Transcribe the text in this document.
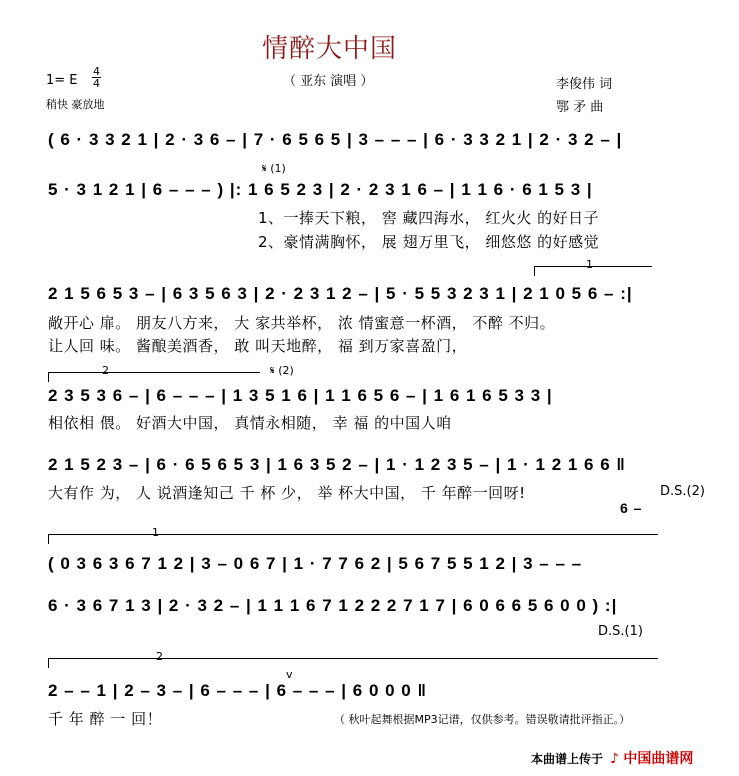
情醉大中国
（ 亚东 演唱 ）
1= E
4
4
稍快 豪放地
李俊伟 词
鄂 矛 曲
( 6 · 3 3 2 1 | 2 · 3 6 – | 7 · 6 5 6 5 | 3 – – – | 6 · 3 3 2 1 | 2 · 3 2 – |
𝄋 (1)
5 · 3 1 2 1 | 6 – – – ) |: 1 6 5 2 3 | 2 · 2 3 1 6 – | 1 1 6 · 6 1 5 3 |
1、一捧天下粮， 窖 藏四海水， 红火火 的好日子
2、豪情满胸怀， 展 翅万里飞， 细悠悠 的好感觉
1
2 1 5 6 5 3 – | 6 3 5 6 3 | 2 · 2 3 1 2 – | 5 · 5 5 3 2 3 1 | 2 1 0 5 6 – :|
敞开心 扉。 朋友八方来， 大 家共举杯， 浓 情蜜意一杯酒， 不醉 不归。
让人回 味。 酱酿美酒香， 敢 叫天地醉， 福 到万家喜盈门，
2	𝄋 (2)
2 3 5 3 6 – | 6 – – – | 1 3 5 1 6 | 1 1 6 5 6 – | 1 6 1 6 5 3 3 |
相依相 偎。 好酒大中国， 真情永相随， 幸 福 的中国人咱
2 1 5 2 3 – | 6 · 6 5 6 5 3 | 1 6 3 5 2 – | 1 · 1 2 3 5 – | 1 · 1 2 1 6 6 ‖
大有作 为， 人 说酒逢知己 千 杯 少， 举 杯大中国， 千 年醉一回呀!	D.S.(2)
6 –
1
( 0 3 6 3 6 7 1 2 | 3 – 0 6 7 | 1 · 7 7 6 2 | 5 6 7 5 5 1 2 | 3 – – –
6 · 3 6 7 1 3 | 2 · 3 2 – | 1 1 1 6 7 1 2 2 2 7 1 7 | 6 0 6 6 5 6 0 0 ) :|
D.S.(1)
2
v
2 – – 1 | 2 – 3 – | 6 – – – | 6 – – – | 6 0 0 0 ‖
千 年 醉 一 回！	（ 秋叶起舞根据MP3记谱，仅供参考。错误敬请批评指正。）
本曲谱上传于 ♪ 中国曲谱网
